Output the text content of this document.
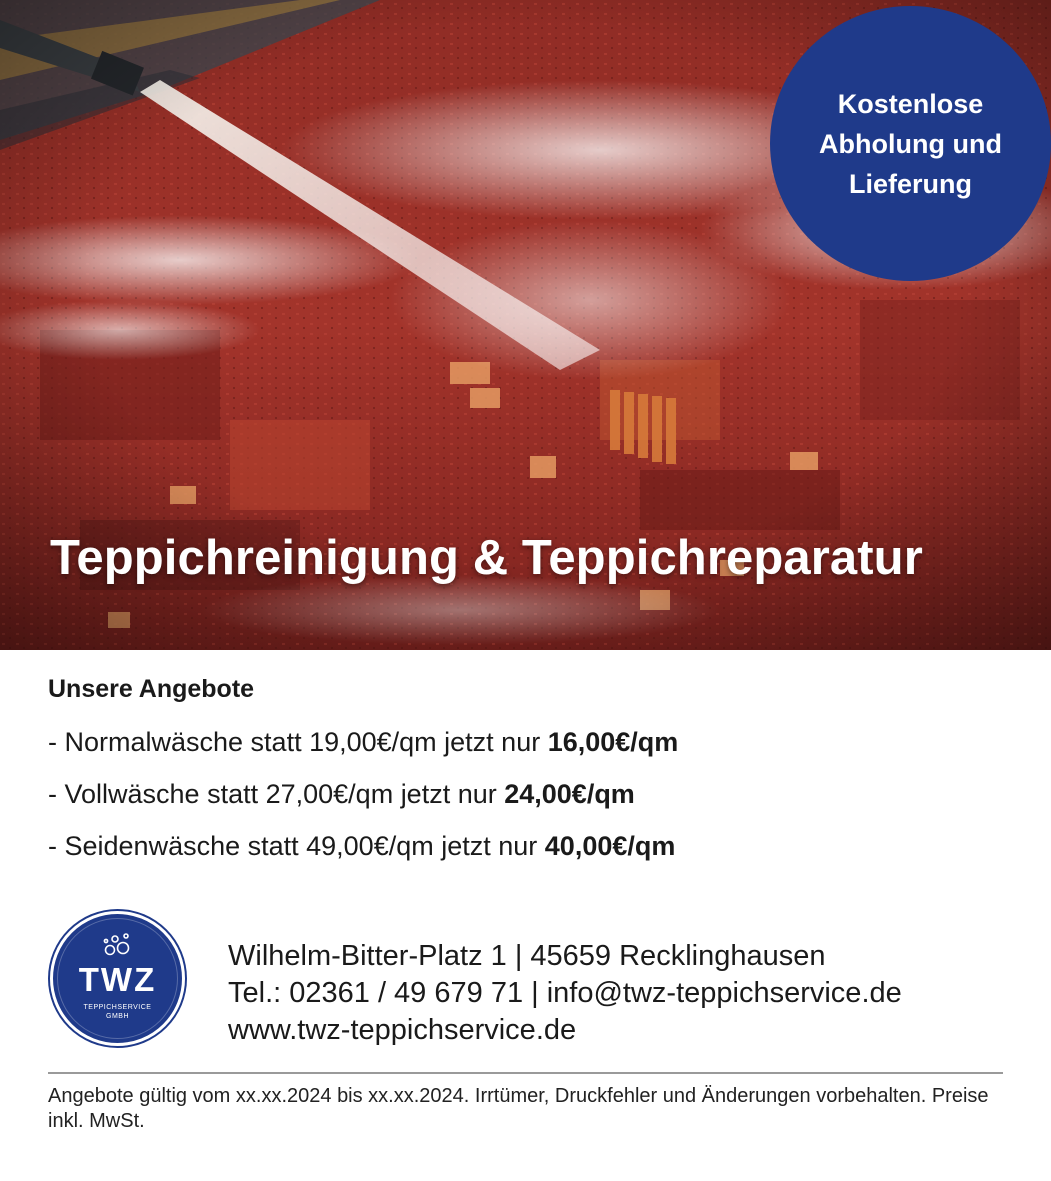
Kostenlose Abholung und Lieferung
Teppichreinigung & Teppichreparatur
Unsere Angebote
- Normalwäsche statt 19,00€/qm jetzt nur 16,00€/qm
- Vollwäsche statt 27,00€/qm jetzt nur 24,00€/qm
- Seidenwäsche statt 49,00€/qm jetzt nur 40,00€/qm
TWZ
TEPPICHSERVICE
GMBH
Wilhelm-Bitter-Platz 1 | 45659 Recklinghausen
Tel.: 02361 / 49 679 71 | info@twz-teppichservice.de
www.twz-teppichservice.de
Angebote gültig vom xx.xx.2024 bis xx.xx.2024. Irrtümer, Druckfehler und Änderungen vorbehalten. Preise inkl. MwSt.
